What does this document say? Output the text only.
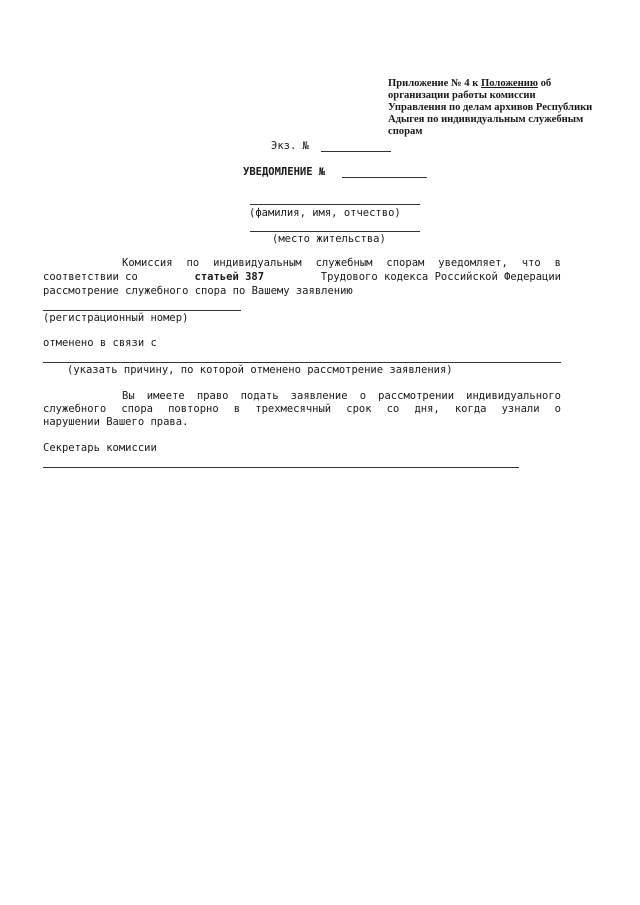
Приложение № 4 к Положению об
организации работы комиссии
Управления по делам архивов Республики
Адыгея по индивидуальным служебным
спорам
Экз. №
УВЕДОМЛЕНИЕ №
(фамилия, имя, отчество)
(место жительства)
Комиссия по индивидуальным служебным спорам уведомляет, что в
соответствии со	статьей 387	Трудового кодекса Российской Федерации
рассмотрение служебного спора по Вашему заявлению
(регистрационный номер)
отменено в связи с
(указать причину, по которой отменено рассмотрение заявления)
Вы имеете право подать заявление о рассмотрении индивидуального
служебного спора повторно в трехмесячный срок со дня, когда узнали о
нарушении Вашего права.
Секретарь комиссии
